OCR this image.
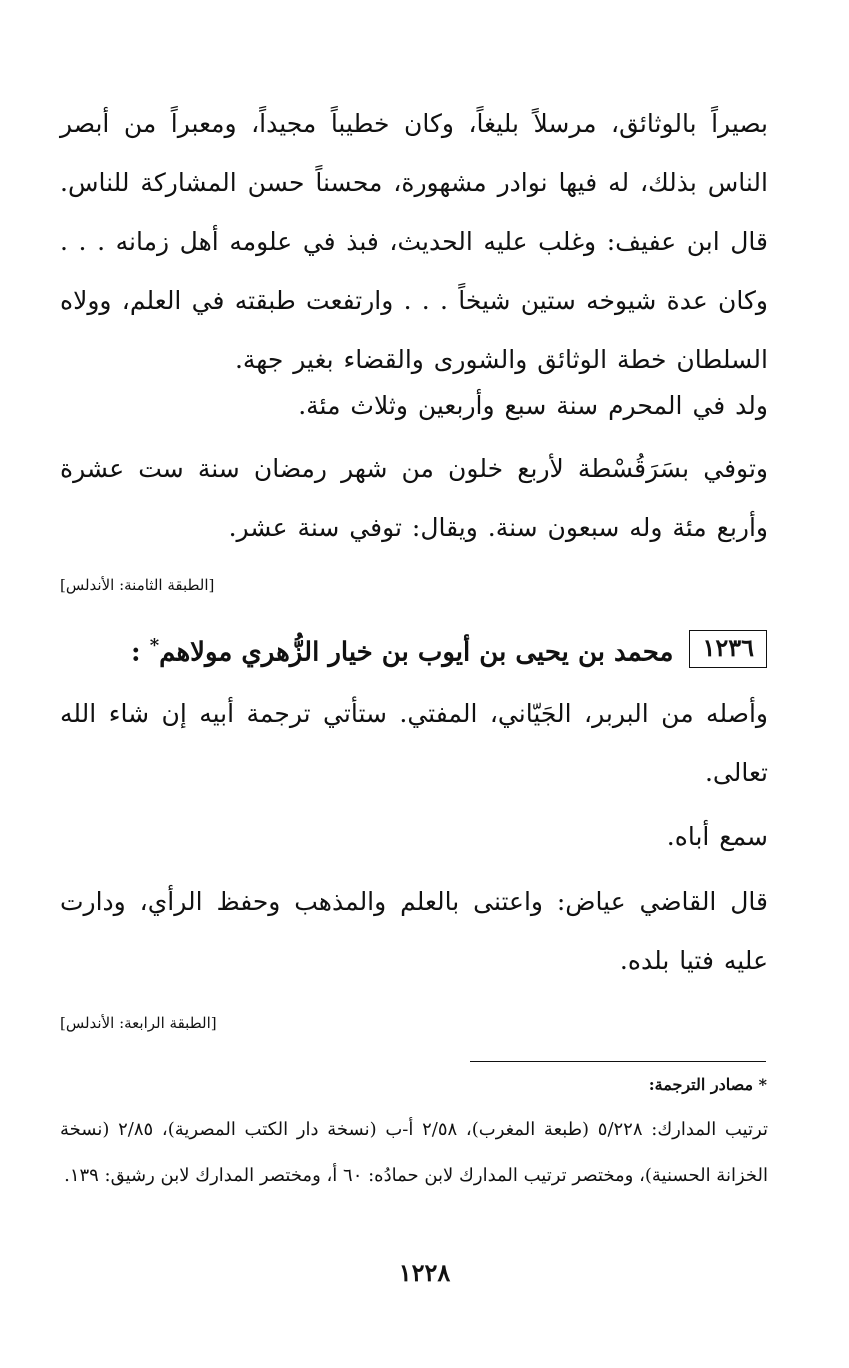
بصيراً بالوثائق، مرسلاً بليغاً، وكان خطيباً مجيداً، ومعبراً من أبصر الناس بذلك، له فيها نوادر مشهورة، محسناً حسن المشاركة للناس. قال ابن عفيف: وغلب عليه الحديث، فبذ في علومه أهل زمانه . . . وكان عدة شيوخه ستين شيخاً . . . وارتفعت طبقته في العلم، وولاه السلطان خطة الوثائق والشورى والقضاء بغير جهة.
ولد في المحرم سنة سبع وأربعين وثلاث مئة.
وتوفي بسَرَقُسْطة لأربع خلون من شهر رمضان سنة ست عشرة وأربع مئة وله سبعون سنة. ويقال: توفي سنة عشر.
[الطبقة الثامنة: الأندلس]
١٢٣٦
محمد بن يحيى بن أيوب بن خيار الزُّهري مولاهم* :
وأصله من البربر، الجَيّاني، المفتي. ستأتي ترجمة أبيه إن شاء الله تعالى.
سمع أباه.
قال القاضي عياض: واعتنى بالعلم والمذهب وحفظ الرأي، ودارت عليه فتيا بلده.
[الطبقة الرابعة: الأندلس]
* مصادر الترجمة:
ترتيب المدارك: ٥/٢٢٨ (طبعة المغرب)، ٢/٥٨ أ-ب (نسخة دار الكتب المصرية)، ٢/٨٥ (نسخة الخزانة الحسنية)، ومختصر ترتيب المدارك لابن حمادُه: ٦٠ أ، ومختصر المدارك لابن رشيق: ١٣٩.
١٢٢٨
